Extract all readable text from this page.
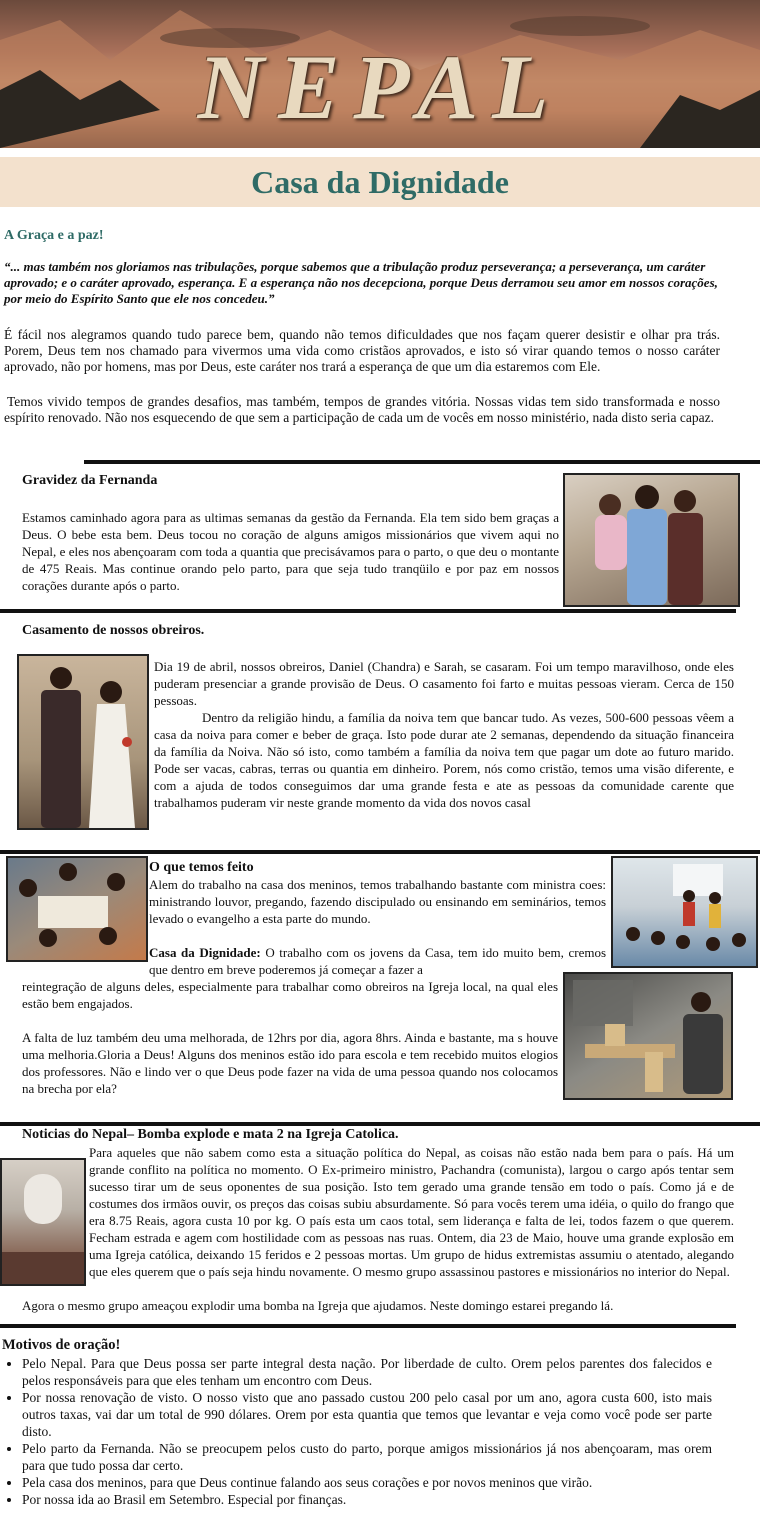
NEPAL
Casa da Dignidade
A Graça e a paz!
“... mas também nos gloriamos nas tribulações, porque sabemos que a tribulação produz perseverança; a perseverança, um caráter aprovado; e o caráter aprovado, esperança. E a esperança não nos decepciona, porque Deus derramou seu amor em nossos corações, por meio do Espírito Santo que ele nos concedeu.”
É fácil nos alegramos quando tudo parece bem, quando não temos dificuldades que nos façam querer desistir e olhar pra trás. Porem, Deus tem nos chamado para vivermos uma vida como cristãos aprovados, e isto só virar quando temos o nosso caráter aprovado, não por homens, mas por Deus, este caráter nos trará a esperança de que um dia estaremos com Ele.
Temos vivido tempos de grandes desafios, mas também, tempos de grandes vitória. Nossas vidas tem sido transformada e nosso espírito renovado. Não nos esquecendo de que sem a participação de cada um de vocês em nosso ministério, nada disto seria capaz.
Gravidez da Fernanda
Estamos caminhado agora para as ultimas semanas da gestão da Fernanda. Ela tem sido bem graças a Deus. O bebe esta bem. Deus tocou no coração de alguns amigos missionários que vivem aqui no Nepal, e eles nos abençoaram com toda a quantia que precisávamos para o parto, o que deu o montante de 475 Reais. Mas continue orando pelo parto, para que seja tudo tranqüilo e por paz em nossos corações durante após o parto.
Casamento de nossos obreiros.
Dia 19 de abril, nossos obreiros, Daniel (Chandra) e Sarah, se casaram. Foi um tempo maravilhoso, onde eles puderam presenciar a grande provisão de Deus. O casamento foi farto e muitas pessoas vieram. Cerca de 150 pessoas.
Dentro da religião hindu, a família da noiva tem que bancar tudo. As vezes, 500-600 pessoas vêem a casa da noiva para comer e beber de graça. Isto pode durar ate 2 semanas, dependendo da situação financeira da família da Noiva. Não só isto, como também a família da noiva tem que pagar um dote ao futuro marido. Pode ser vacas, cabras, terras ou quantia em dinheiro. Porem, nós como cristão, temos uma visão diferente, e com a ajuda de todos conseguimos dar uma grande festa e ate as pessoas da comunidade carente que trabalhamos puderam vir neste grande momento da vida dos novos casal
O que temos feito
Alem do trabalho na casa dos meninos, temos trabalhando bastante com ministra coes: ministrando louvor, pregando, fazendo discipulado ou ensinando em seminários, temos levado o evangelho a esta parte do mundo.
Casa da Dignidade: O trabalho com os jovens da Casa, tem ido muito bem, cremos que dentro em breve poderemos já começar a fazer a
reintegração de alguns deles, especialmente para trabalhar como obreiros na Igreja local, na qual eles estão bem engajados.
A falta de luz também deu uma melhorada, de 12hrs por dia, agora 8hrs. Ainda e bastante, ma s houve uma melhoria.Gloria a Deus! Alguns dos meninos estão ido para escola e tem recebido muitos elogios dos professores. Não e lindo ver o que Deus pode fazer na vida de uma pessoa quando nos colocamos na brecha por ela?
Noticias do Nepal– Bomba explode e mata 2 na Igreja Catolica.
Para aqueles que não sabem como esta a situação política do Nepal, as coisas não estão nada bem para o país. Há um grande conflito na política no momento. O Ex-primeiro ministro, Pachandra (comunista), largou o cargo após tentar sem sucesso tirar um de seus oponentes de sua posição. Isto tem gerado uma grande tensão em todo o país. Como já e de costumes dos irmãos ouvir, os preços das coisas subiu absurdamente. Só para vocês terem uma idéia, o quilo do frango que era 8.75 Reais, agora custa 10 por kg. O país esta um caos total, sem liderança e falta de lei, todos fazem o que querem. Fecham estrada e agem com hostilidade com as pessoas nas ruas. Ontem, dia 23 de Maio, houve uma grande explosão em uma Igreja católica, deixando 15 feridos e 2 pessoas mortas. Um grupo de hidus extremistas assumiu o atentado, alegando que eles querem que o país seja hindu novamente. O mesmo grupo assassinou pastores e missionários no interior do Nepal.
Agora o mesmo grupo ameaçou explodir uma bomba na Igreja que ajudamos. Neste domingo estarei pregando lá.
Motivos de oração!
• Pelo Nepal. Para que Deus possa ser parte integral desta nação. Por liberdade de culto. Orem pelos parentes dos falecidos e pelos responsáveis para que eles tenham um encontro com Deus.
• Por nossa renovação de visto. O nosso visto que ano passado custou 200 pelo casal por um ano, agora custa 600, isto mais outros taxas, vai dar um total de 990 dólares. Orem por esta quantia que temos que levantar e veja como você pode ser parte disto.
• Pelo parto da Fernanda. Não se preocupem pelos custo do parto, porque amigos missionários já nos abençoaram, mas orem para que tudo possa dar certo.
• Pela casa dos meninos, para que Deus continue falando aos seus corações e por novos meninos que virão.
• Por nossa ida ao Brasil em Setembro. Especial por finanças.
